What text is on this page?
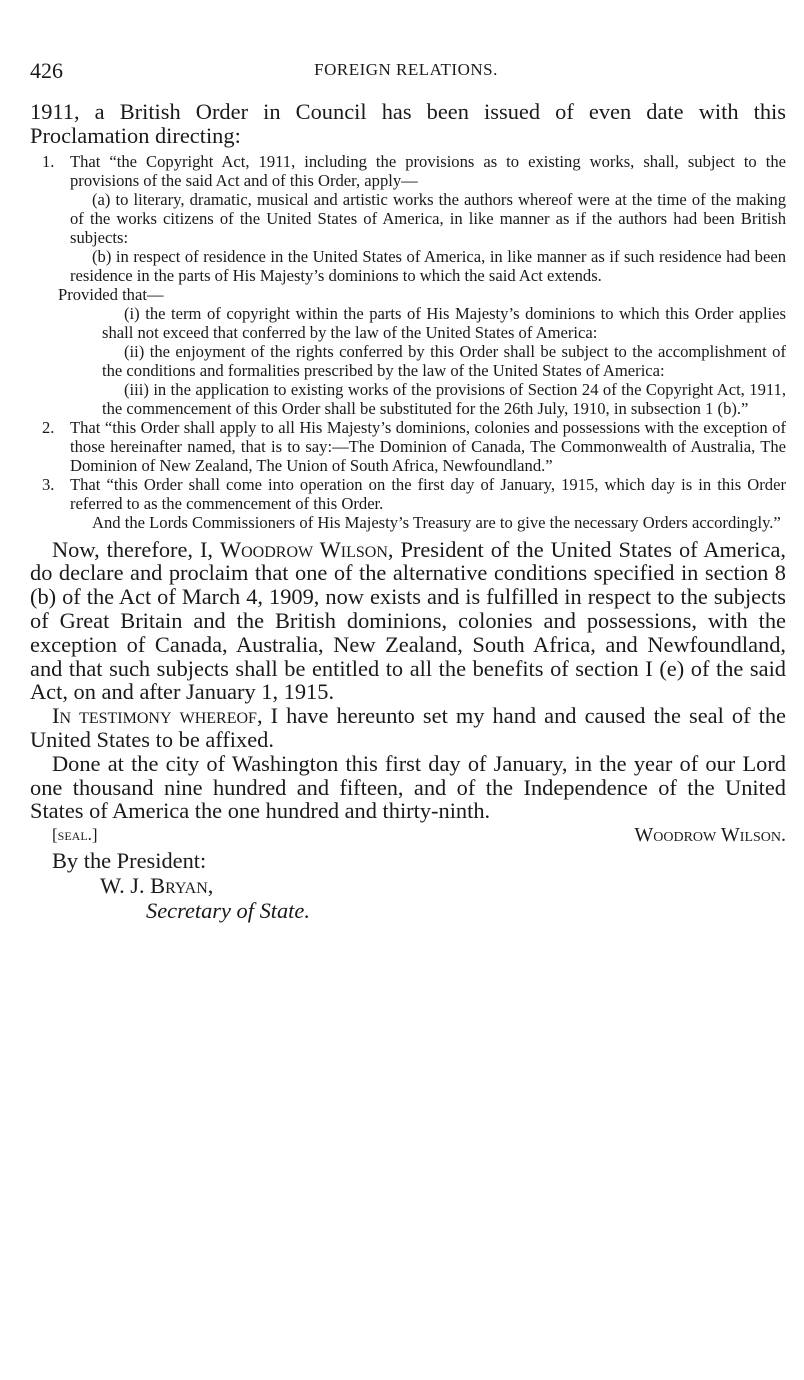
426	FOREIGN RELATIONS.

1911, a British Order in Council has been issued of even date with this Proclamation directing:

1. That “the Copyright Act, 1911, including the provisions as to existing works, shall, subject to the provisions of the said Act and of this Order, apply—

(a) to literary, dramatic, musical and artistic works the authors whereof were at the time of the making of the works citizens of the United States of America, in like manner as if the authors had been British subjects:

(b) in respect of residence in the United States of America, in like manner as if such residence had been residence in the parts of His Majesty’s dominions to which the said Act extends.

Provided that—

(i) the term of copyright within the parts of His Majesty’s dominions to which this Order applies shall not exceed that conferred by the law of the United States of America:

(ii) the enjoyment of the rights conferred by this Order shall be subject to the accomplishment of the conditions and formalities prescribed by the law of the United States of America:

(iii) in the application to existing works of the provisions of Section 24 of the Copyright Act, 1911, the commencement of this Order shall be substituted for the 26th July, 1910, in subsection 1 (b).”

2. That “this Order shall apply to all His Majesty’s dominions, colonies and possessions with the exception of those hereinafter named, that is to say:—The Dominion of Canada, The Commonwealth of Australia, The Dominion of New Zealand, The Union of South Africa, Newfoundland.”

3. That “this Order shall come into operation on the first day of January, 1915, which day is in this Order referred to as the commencement of this Order.

And the Lords Commissioners of His Majesty’s Treasury are to give the necessary Orders accordingly.”

Now, therefore, I, Woodrow Wilson, President of the United States of America, do declare and proclaim that one of the alternative conditions specified in section 8 (b) of the Act of March 4, 1909, now exists and is fulfilled in respect to the subjects of Great Britain and the British dominions, colonies and possessions, with the exception of Canada, Australia, New Zealand, South Africa, and Newfoundland, and that such subjects shall be entitled to all the benefits of section I (e) of the said Act, on and after January 1, 1915.

In testimony whereof, I have hereunto set my hand and caused the seal of the United States to be affixed.

Done at the city of Washington this first day of January, in the year of our Lord one thousand nine hundred and fifteen, and of the Independence of the United States of America the one hundred and thirty-ninth.

[seal.]	Woodrow Wilson.
By the President:
W. J. Bryan,
Secretary of State.
